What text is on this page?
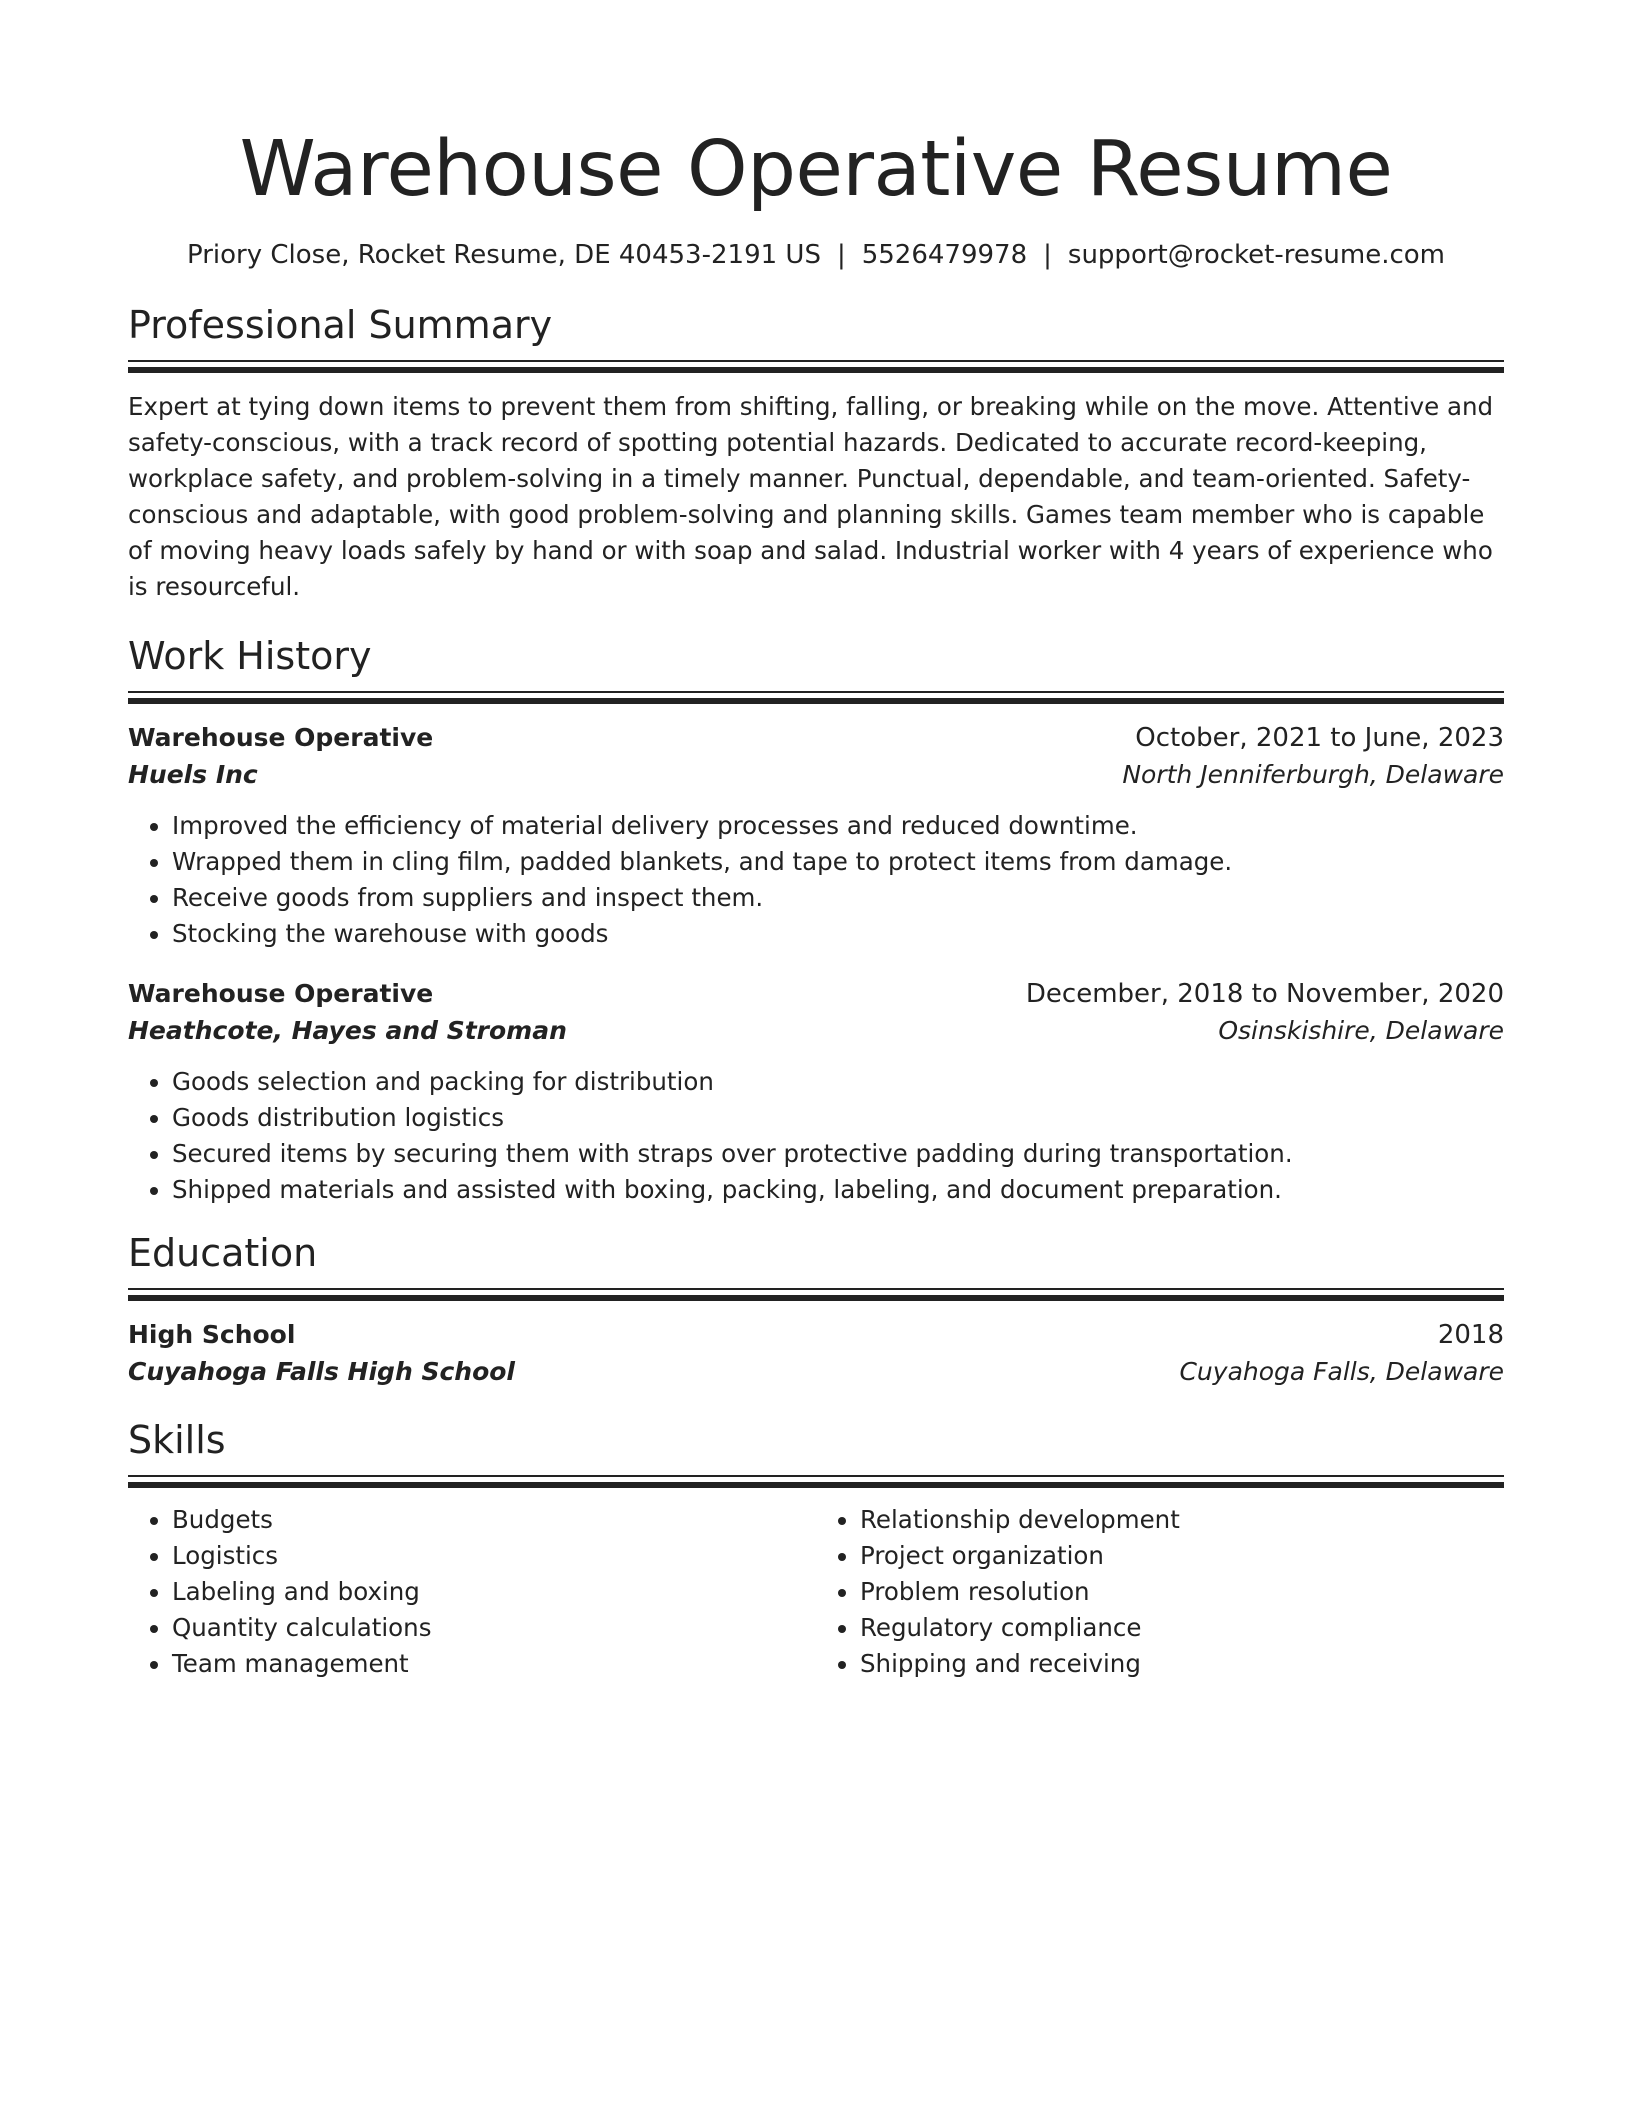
Warehouse Operative Resume
Priory Close, Rocket Resume, DE 40453-2191 US | 5526479978 | support@rocket-resume.com
Professional Summary
Expert at tying down items to prevent them from shifting, falling, or breaking while on the move. Attentive and safety-conscious, with a track record of spotting potential hazards. Dedicated to accurate record-keeping, workplace safety, and problem-solving in a timely manner. Punctual, dependable, and team-oriented. Safety-conscious and adaptable, with good problem-solving and planning skills. Games team member who is capable of moving heavy loads safely by hand or with soap and salad. Industrial worker with 4 years of experience who is resourceful.
Work History
Warehouse Operative	October, 2021 to June, 2023
Huels Inc	North Jenniferburgh, Delaware
• Improved the efficiency of material delivery processes and reduced downtime.
• Wrapped them in cling film, padded blankets, and tape to protect items from damage.
• Receive goods from suppliers and inspect them.
• Stocking the warehouse with goods
Warehouse Operative	December, 2018 to November, 2020
Heathcote, Hayes and Stroman	Osinskishire, Delaware
• Goods selection and packing for distribution
• Goods distribution logistics
• Secured items by securing them with straps over protective padding during transportation.
• Shipped materials and assisted with boxing, packing, labeling, and document preparation.
Education
High School	2018
Cuyahoga Falls High School	Cuyahoga Falls, Delaware
Skills
• Budgets
• Logistics
• Labeling and boxing
• Quantity calculations
• Team management
• Relationship development
• Project organization
• Problem resolution
• Regulatory compliance
• Shipping and receiving
